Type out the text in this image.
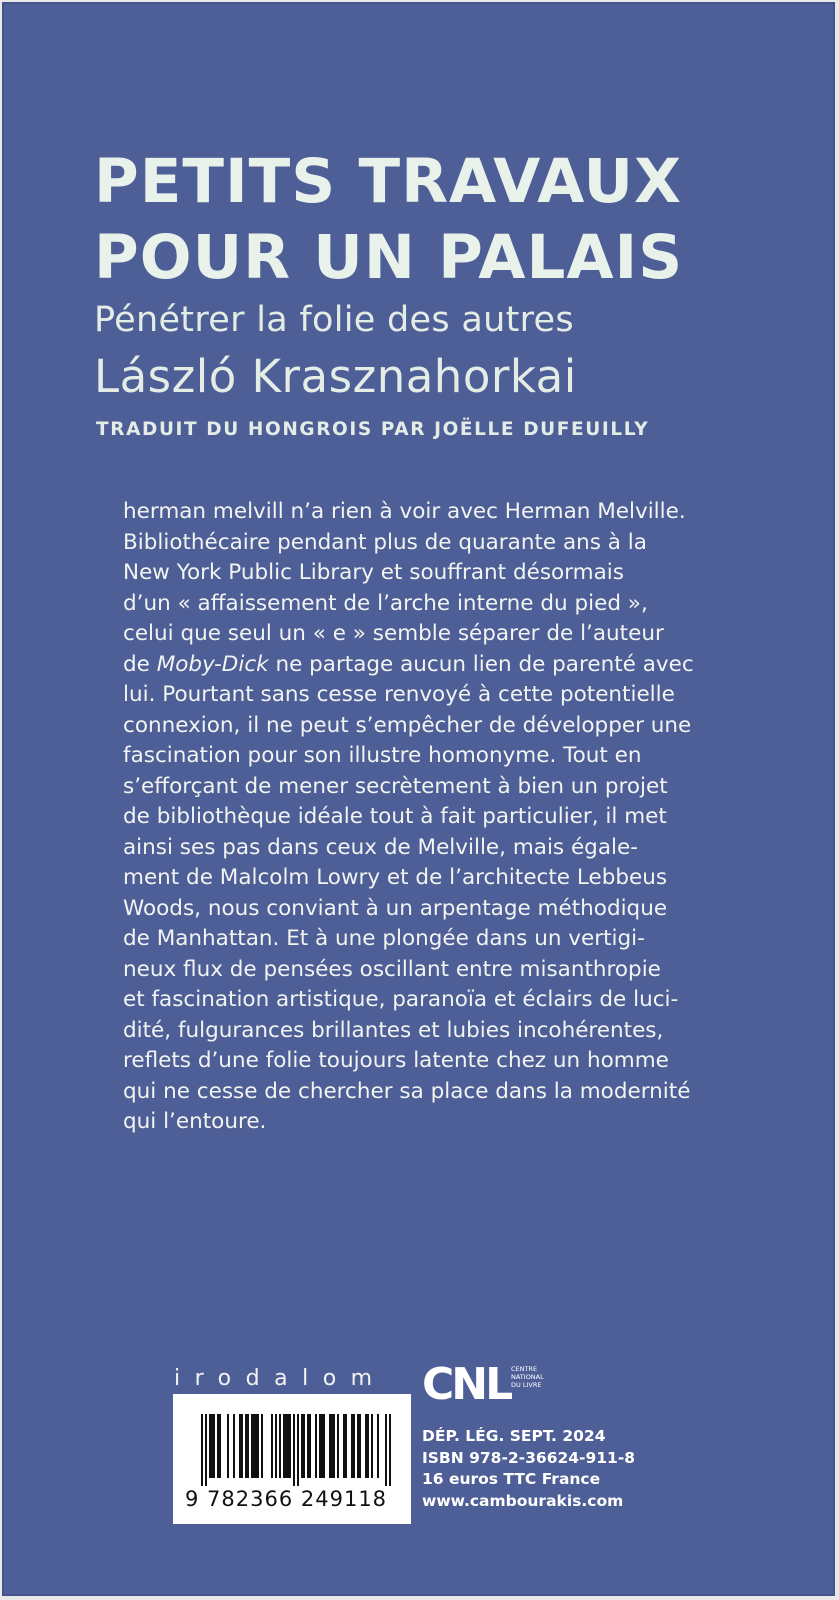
PETITS TRAVAUX
POUR UN PALAIS

Pénétrer la folie des autres

László Krasznahorkai

TRADUIT DU HONGROIS PAR JOËLLE DUFEUILLY

herman melvill n’a rien à voir avec Herman Melville.
Bibliothécaire pendant plus de quarante ans à la
New York Public Library et souffrant désormais
d’un « affaissement de l’arche interne du pied »,
celui que seul un « e » semble séparer de l’auteur
de Moby-Dick ne partage aucun lien de parenté avec
lui. Pourtant sans cesse renvoyé à cette potentielle
connexion, il ne peut s’empêcher de développer une
fascination pour son illustre homonyme. Tout en
s’efforçant de mener secrètement à bien un projet
de bibliothèque idéale tout à fait particulier, il met
ainsi ses pas dans ceux de Melville, mais égale-
ment de Malcolm Lowry et de l’architecte Lebbeus
Woods, nous conviant à un arpentage méthodique
de Manhattan. Et à une plongée dans un vertigi-
neux flux de pensées oscillant entre misanthropie
et fascination artistique, paranoïa et éclairs de luci-
dité, fulgurances brillantes et lubies incohérentes,
reflets d’une folie toujours latente chez un homme
qui ne cesse de chercher sa place dans la modernité
qui l’entoure.

irodalom CNL CENTRE
NATIONAL
DU LIVRE
9 782366 249118
DÉP. LÉG. SEPT. 2024
ISBN 978-2-36624-911-8
16 euros TTC France
www.cambourakis.com
